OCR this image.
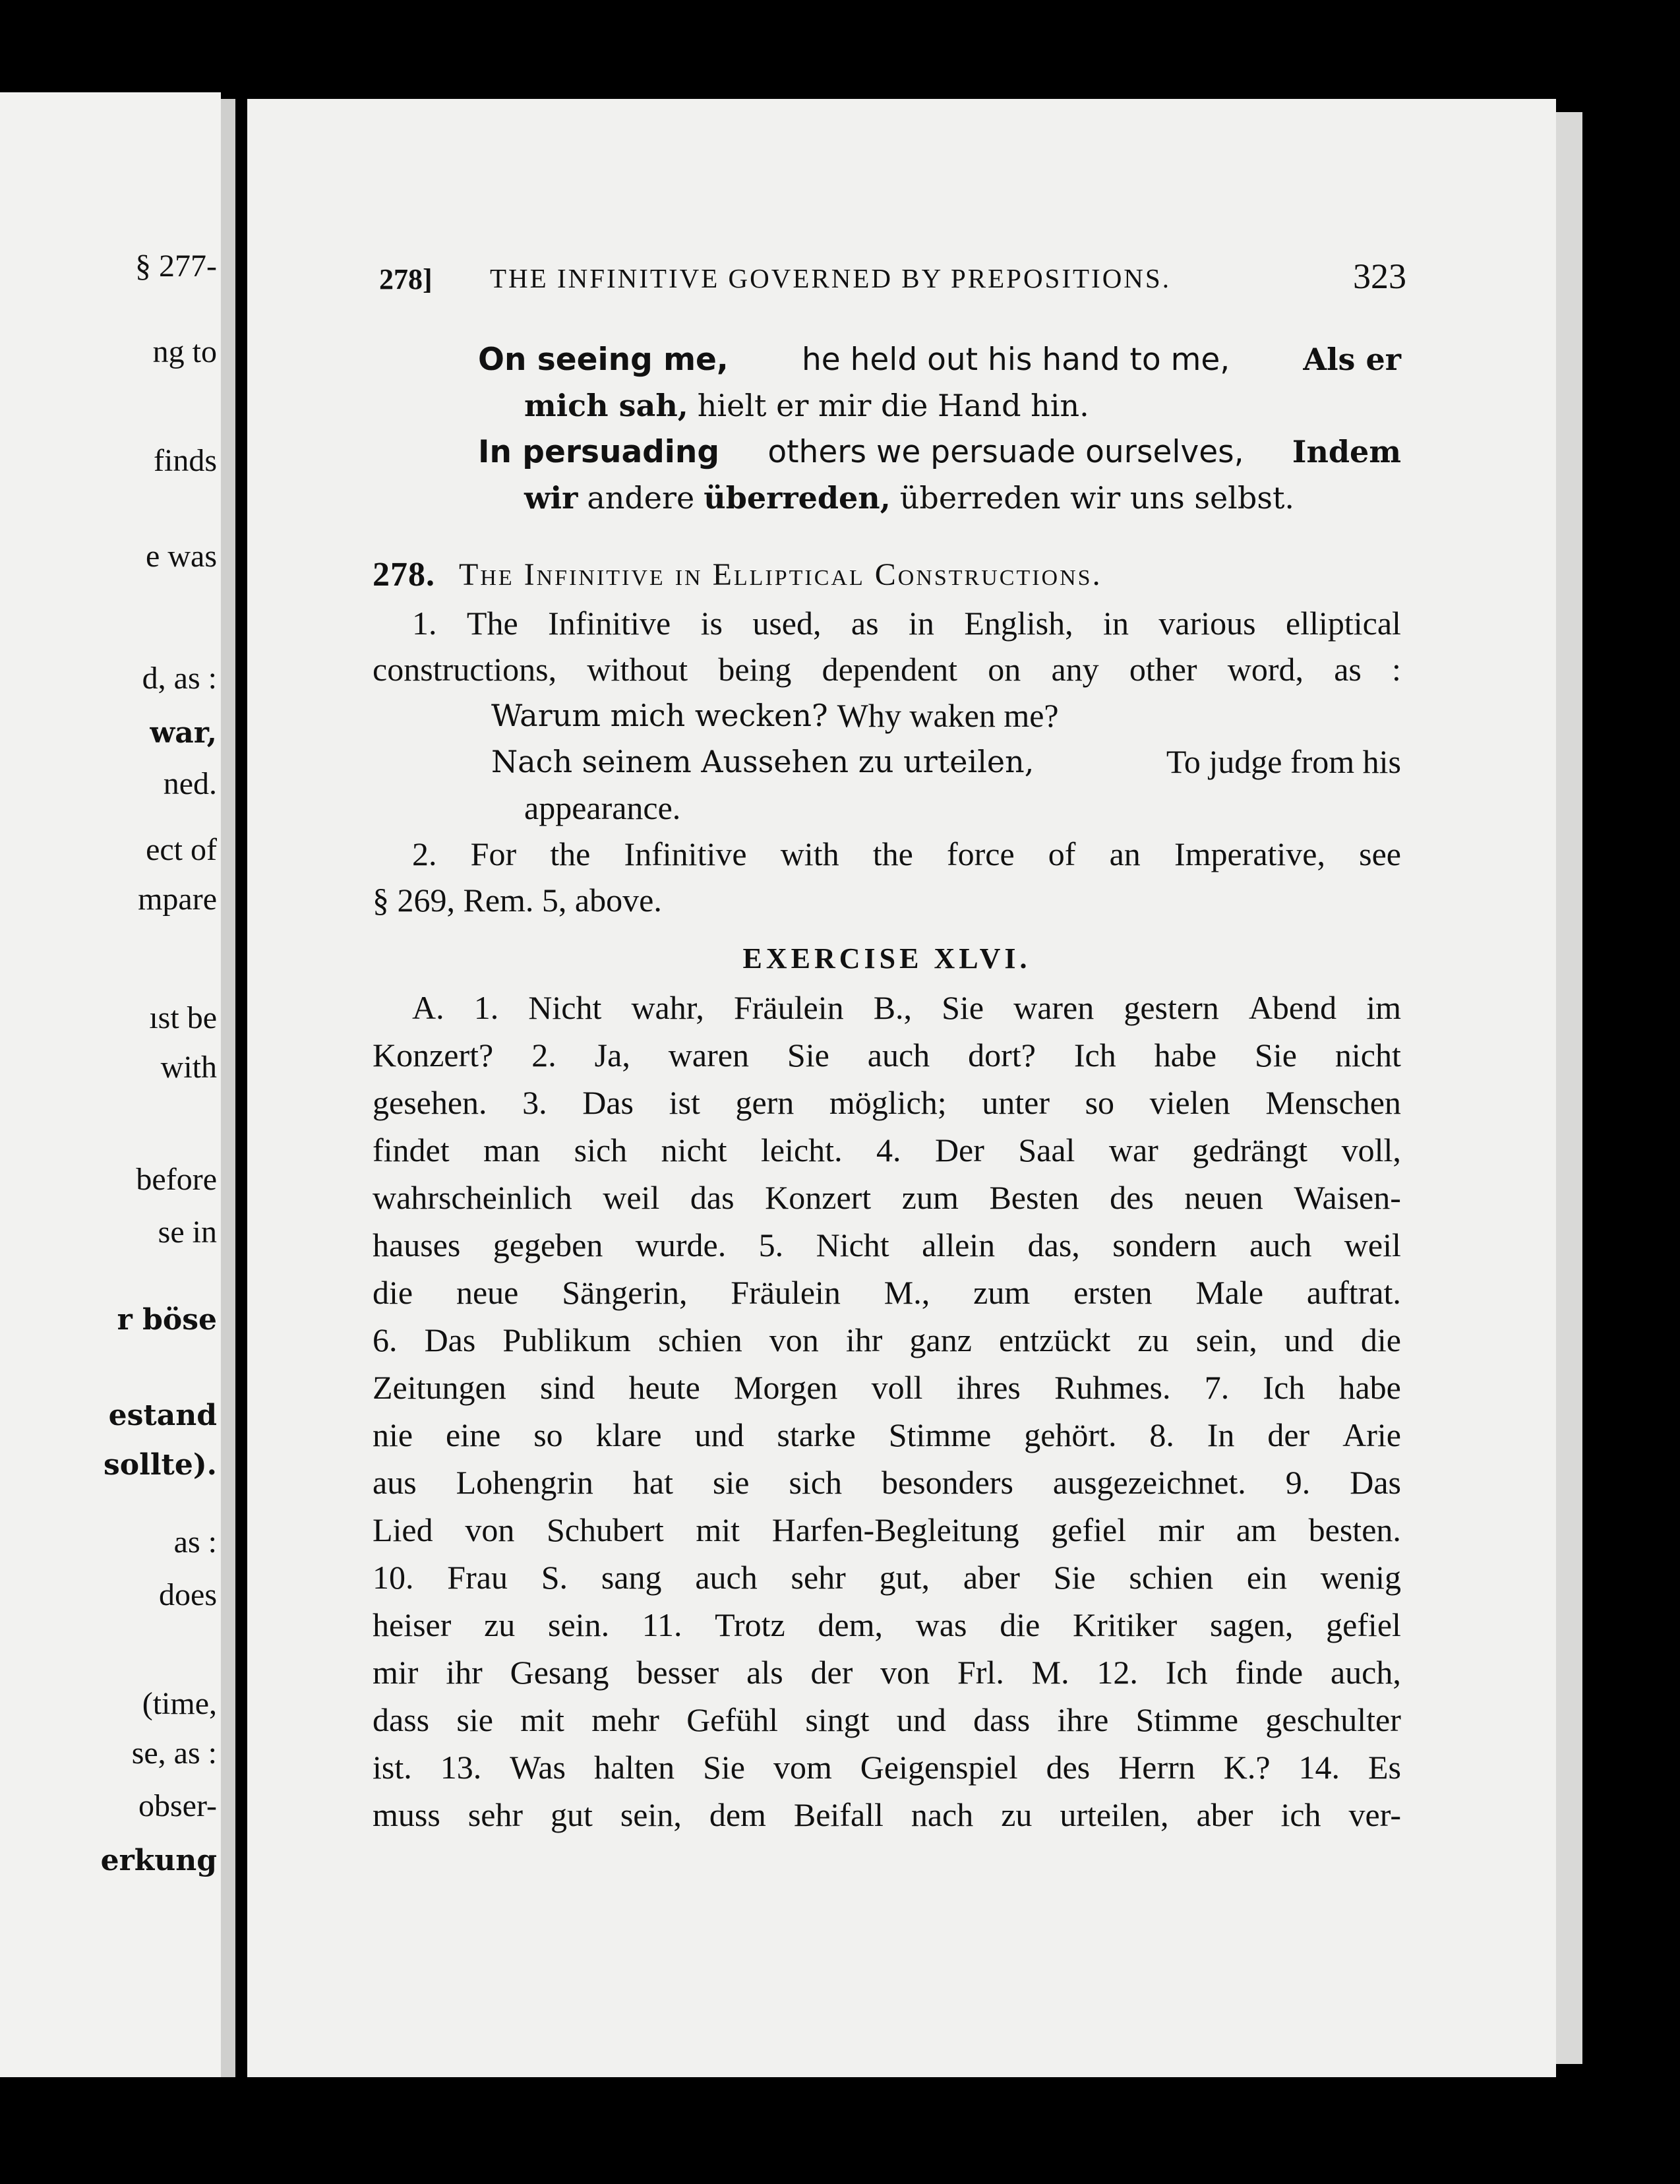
§ 277-
ng to
finds
e was
d, as :
war,
ned.
ect of
mpare
ıst be
with
before
se in
r böse
estand
sollte).
as :
does
(time,
se, as :
obser-
erkung
278] THE INFINITIVE GOVERNED BY PREPOSITIONS.	323
On seeing me, he held out his hand to me, Als er
mich sah, hielt er mir die Hand hin.
In persuading others we persuade ourselves, Indem
wir andere überreden, überreden wir uns selbst.
278. The Infinitive in Elliptical Constructions.
1. The Infinitive is used, as in English, in various elliptical
constructions, without being dependent on any other word, as :
Warum mich wecken? Why waken me?
Nach seinem Aussehen zu urteilen,	To judge from his
appearance.
2. For the Infinitive with the force of an Imperative, see
§ 269, Rem. 5, above.
EXERCISE XLVI.
A. 1. Nicht wahr, Fräulein B., Sie waren gestern Abend im
Konzert? 2. Ja, waren Sie auch dort? Ich habe Sie nicht
gesehen. 3. Das ist gern möglich; unter so vielen Menschen
findet man sich nicht leicht. 4. Der Saal war gedrängt voll,
wahrscheinlich weil das Konzert zum Besten des neuen Waisen-
hauses gegeben wurde. 5. Nicht allein das, sondern auch weil
die neue Sängerin, Fräulein M., zum ersten Male auftrat.
6. Das Publikum schien von ihr ganz entzückt zu sein, und die
Zeitungen sind heute Morgen voll ihres Ruhmes. 7. Ich habe
nie eine so klare und starke Stimme gehört. 8. In der Arie
aus Lohengrin hat sie sich besonders ausgezeichnet. 9. Das
Lied von Schubert mit Harfen-Begleitung gefiel mir am besten.
10. Frau S. sang auch sehr gut, aber Sie schien ein wenig
heiser zu sein. 11. Trotz dem, was die Kritiker sagen, gefiel
mir ihr Gesang besser als der von Frl. M. 12. Ich finde auch,
dass sie mit mehr Gefühl singt und dass ihre Stimme geschulter
ist. 13. Was halten Sie vom Geigenspiel des Herrn K.? 14. Es
muss sehr gut sein, dem Beifall nach zu urteilen, aber ich ver-
